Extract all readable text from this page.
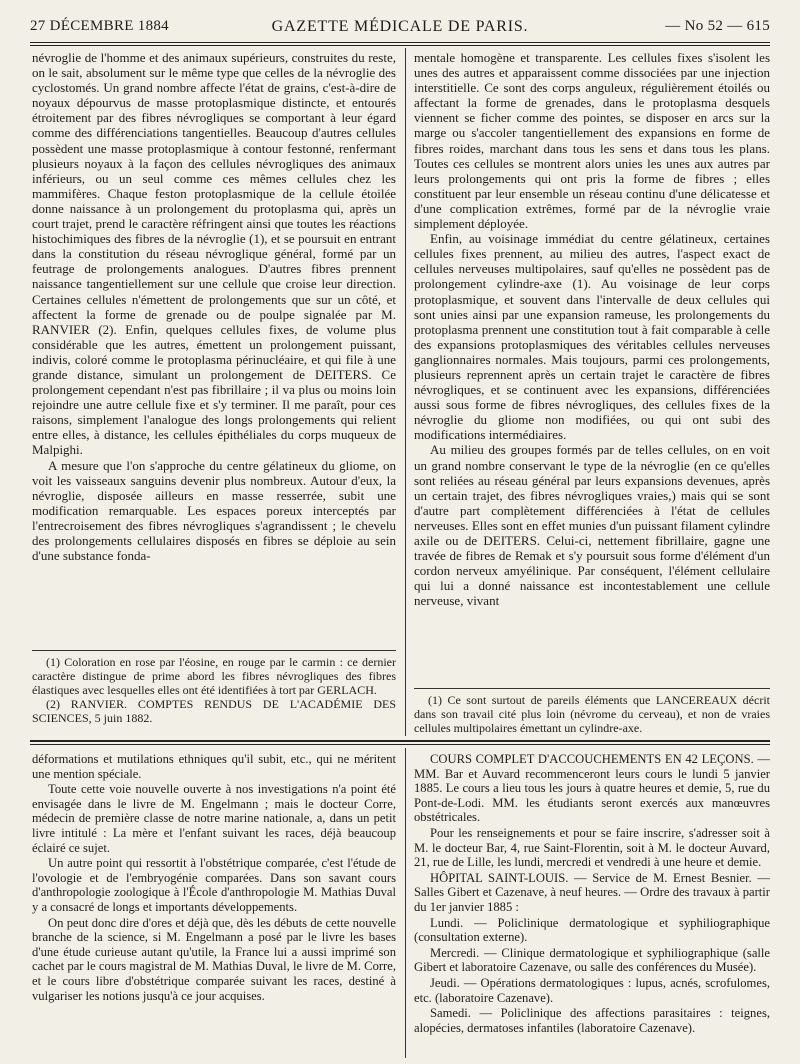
27 DÉCEMBRE 1884	GAZETTE MÉDICALE DE PARIS.	— No 52 — 615

névroglie de l'homme et des animaux supérieurs, construites du reste, on le sait, absolument sur le même type que celles de la névroglie des cyclostomés. Un grand nombre affecte l'état de grains, c'est-à-dire de noyaux dépourvus de masse protoplasmique distincte, et entourés étroitement par des fibres névrogliques se comportant à leur égard comme des différenciations tangentielles. Beaucoup d'autres cellules possèdent une masse protoplasmique à contour festonné, renfermant plusieurs noyaux à la façon des cellules névrogliques des animaux inférieurs, ou un seul comme ces mêmes cellules chez les mammifères. Chaque feston protoplasmique de la cellule étoilée donne naissance à un prolongement du protoplasma qui, après un court trajet, prend le caractère réfringent ainsi que toutes les réactions histochimiques des fibres de la névroglie (1), et se poursuit en entrant dans la constitution du réseau névroglique général, formé par un feutrage de prolongements analogues. D'autres fibres prennent naissance tangentiellement sur une cellule que croise leur direction. Certaines cellules n'émettent de prolongements que sur un côté, et affectent la forme de grenade ou de poulpe signalée par M. RANVIER (2). Enfin, quelques cellules fixes, de volume plus considérable que les autres, émettent un prolongement puissant, indivis, coloré comme le protoplasma périnucléaire, et qui file à une grande distance, simulant un prolongement de DEITERS. Ce prolongement cependant n'est pas fibrillaire ; il va plus ou moins loin rejoindre une autre cellule fixe et s'y terminer. Il me paraît, pour ces raisons, simplement l'analogue des longs prolongements qui relient entre elles, à distance, les cellules épithéliales du corps muqueux de Malpighi.

A mesure que l'on s'approche du centre gélatineux du gliome, on voit les vaisseaux sanguins devenir plus nombreux. Autour d'eux, la névroglie, disposée ailleurs en masse resserrée, subit une modification remarquable. Les espaces poreux interceptés par l'entrecroisement des fibres névrogliques s'agrandissent ; le chevelu des prolongements cellulaires disposés en fibres se déploie au sein d'une substance fonda-

(1) Coloration en rose par l'éosine, en rouge par le carmin : ce dernier caractère distingue de prime abord les fibres névrogliques des fibres élastiques avec lesquelles elles ont été identifiées à tort par GERLACH.

(2) RANVIER. COMPTES RENDUS DE L'ACADÉMIE DES SCIENCES, 5 juin 1882.

mentale homogène et transparente. Les cellules fixes s'isolent les unes des autres et apparaissent comme dissociées par une injection interstitielle. Ce sont des corps anguleux, régulièrement étoilés ou affectant la forme de grenades, dans le protoplasma desquels viennent se ficher comme des pointes, se disposer en arcs sur la marge ou s'accoler tangentiellement des expansions en forme de fibres roides, marchant dans tous les sens et dans tous les plans. Toutes ces cellules se montrent alors unies les unes aux autres par leurs prolongements qui ont pris la forme de fibres ; elles constituent par leur ensemble un réseau continu d'une délicatesse et d'une complication extrêmes, formé par de la névroglie vraie simplement déployée.

Enfin, au voisinage immédiat du centre gélatineux, certaines cellules fixes prennent, au milieu des autres, l'aspect exact de cellules nerveuses multipolaires, sauf qu'elles ne possèdent pas de prolongement cylindre-axe (1). Au voisinage de leur corps protoplasmique, et souvent dans l'intervalle de deux cellules qui sont unies ainsi par une expansion rameuse, les prolongements du protoplasma prennent une constitution tout à fait comparable à celle des expansions protoplasmiques des véritables cellules nerveuses ganglionnaires normales. Mais toujours, parmi ces prolongements, plusieurs reprennent après un certain trajet le caractère de fibres névrogliques, et se continuent avec les expansions, différenciées aussi sous forme de fibres névrogliques, des cellules fixes de la névroglie du gliome non modifiées, ou qui ont subi des modifications intermédiaires.

Au milieu des groupes formés par de telles cellules, on en voit un grand nombre conservant le type de la névroglie (en ce qu'elles sont reliées au réseau général par leurs expansions devenues, après un certain trajet, des fibres névrogliques vraies,) mais qui se sont d'autre part complètement différenciées à l'état de cellules nerveuses. Elles sont en effet munies d'un puissant filament cylindre axile ou de DEITERS. Celui-ci, nettement fibrillaire, gagne une travée de fibres de Remak et s'y poursuit sous forme d'élément d'un cordon nerveux amyélinique. Par conséquent, l'élément cellulaire qui lui a donné naissance est incontestablement une cellule nerveuse, vivant

(1) Ce sont surtout de pareils éléments que LANCEREAUX décrit dans son travail cité plus loin (névrome du cerveau), et non de vraies cellules multipolaires émettant un cylindre-axe.

déformations et mutilations ethniques qu'il subit, etc., qui ne méritent une mention spéciale.

Toute cette voie nouvelle ouverte à nos investigations n'a point été envisagée dans le livre de M. Engelmann ; mais le docteur Corre, médecin de première classe de notre marine nationale, a, dans un petit livre intitulé : La mère et l'enfant suivant les races, déjà beaucoup éclairé ce sujet.

Un autre point qui ressortit à l'obstétrique comparée, c'est l'étude de l'ovologie et de l'embryogénie comparées. Dans son savant cours d'anthropologie zoologique à l'École d'anthropologie M. Mathias Duval y a consacré de longs et importants développements.

On peut donc dire d'ores et déjà que, dès les débuts de cette nouvelle branche de la science, si M. Engelmann a posé par le livre les bases d'une étude curieuse autant qu'utile, la France lui a aussi imprimé son cachet par le cours magistral de M. Mathias Duval, le livre de M. Corre, et le cours libre d'obstétrique comparée suivant les races, destiné à vulgariser les notions jusqu'à ce jour acquises.

COURS COMPLET D'ACCOUCHEMENTS EN 42 LEÇONS. — MM. Bar et Auvard recommenceront leurs cours le lundi 5 janvier 1885. Le cours a lieu tous les jours à quatre heures et demie, 5, rue du Pont-de-Lodi. MM. les étudiants seront exercés aux manœuvres obstétricales.

Pour les renseignements et pour se faire inscrire, s'adresser soit à M. le docteur Bar, 4, rue Saint-Florentin, soit à M. le docteur Auvard, 21, rue de Lille, les lundi, mercredi et vendredi à une heure et demie.

HÔPITAL SAINT-LOUIS. — Service de M. Ernest Besnier. — Salles Gibert et Cazenave, à neuf heures. — Ordre des travaux à partir du 1er janvier 1885 :

Lundi. — Policlinique dermatologique et syphiliographique (consultation externe).

Mercredi. — Clinique dermatologique et syphiliographique (salle Gibert et laboratoire Cazenave, ou salle des conférences du Musée).

Jeudi. — Opérations dermatologiques : lupus, acnés, scrofulomes, etc. (laboratoire Cazenave).

Samedi. — Policlinique des affections parasitaires : teignes, alopécies, dermatoses infantiles (laboratoire Cazenave).
